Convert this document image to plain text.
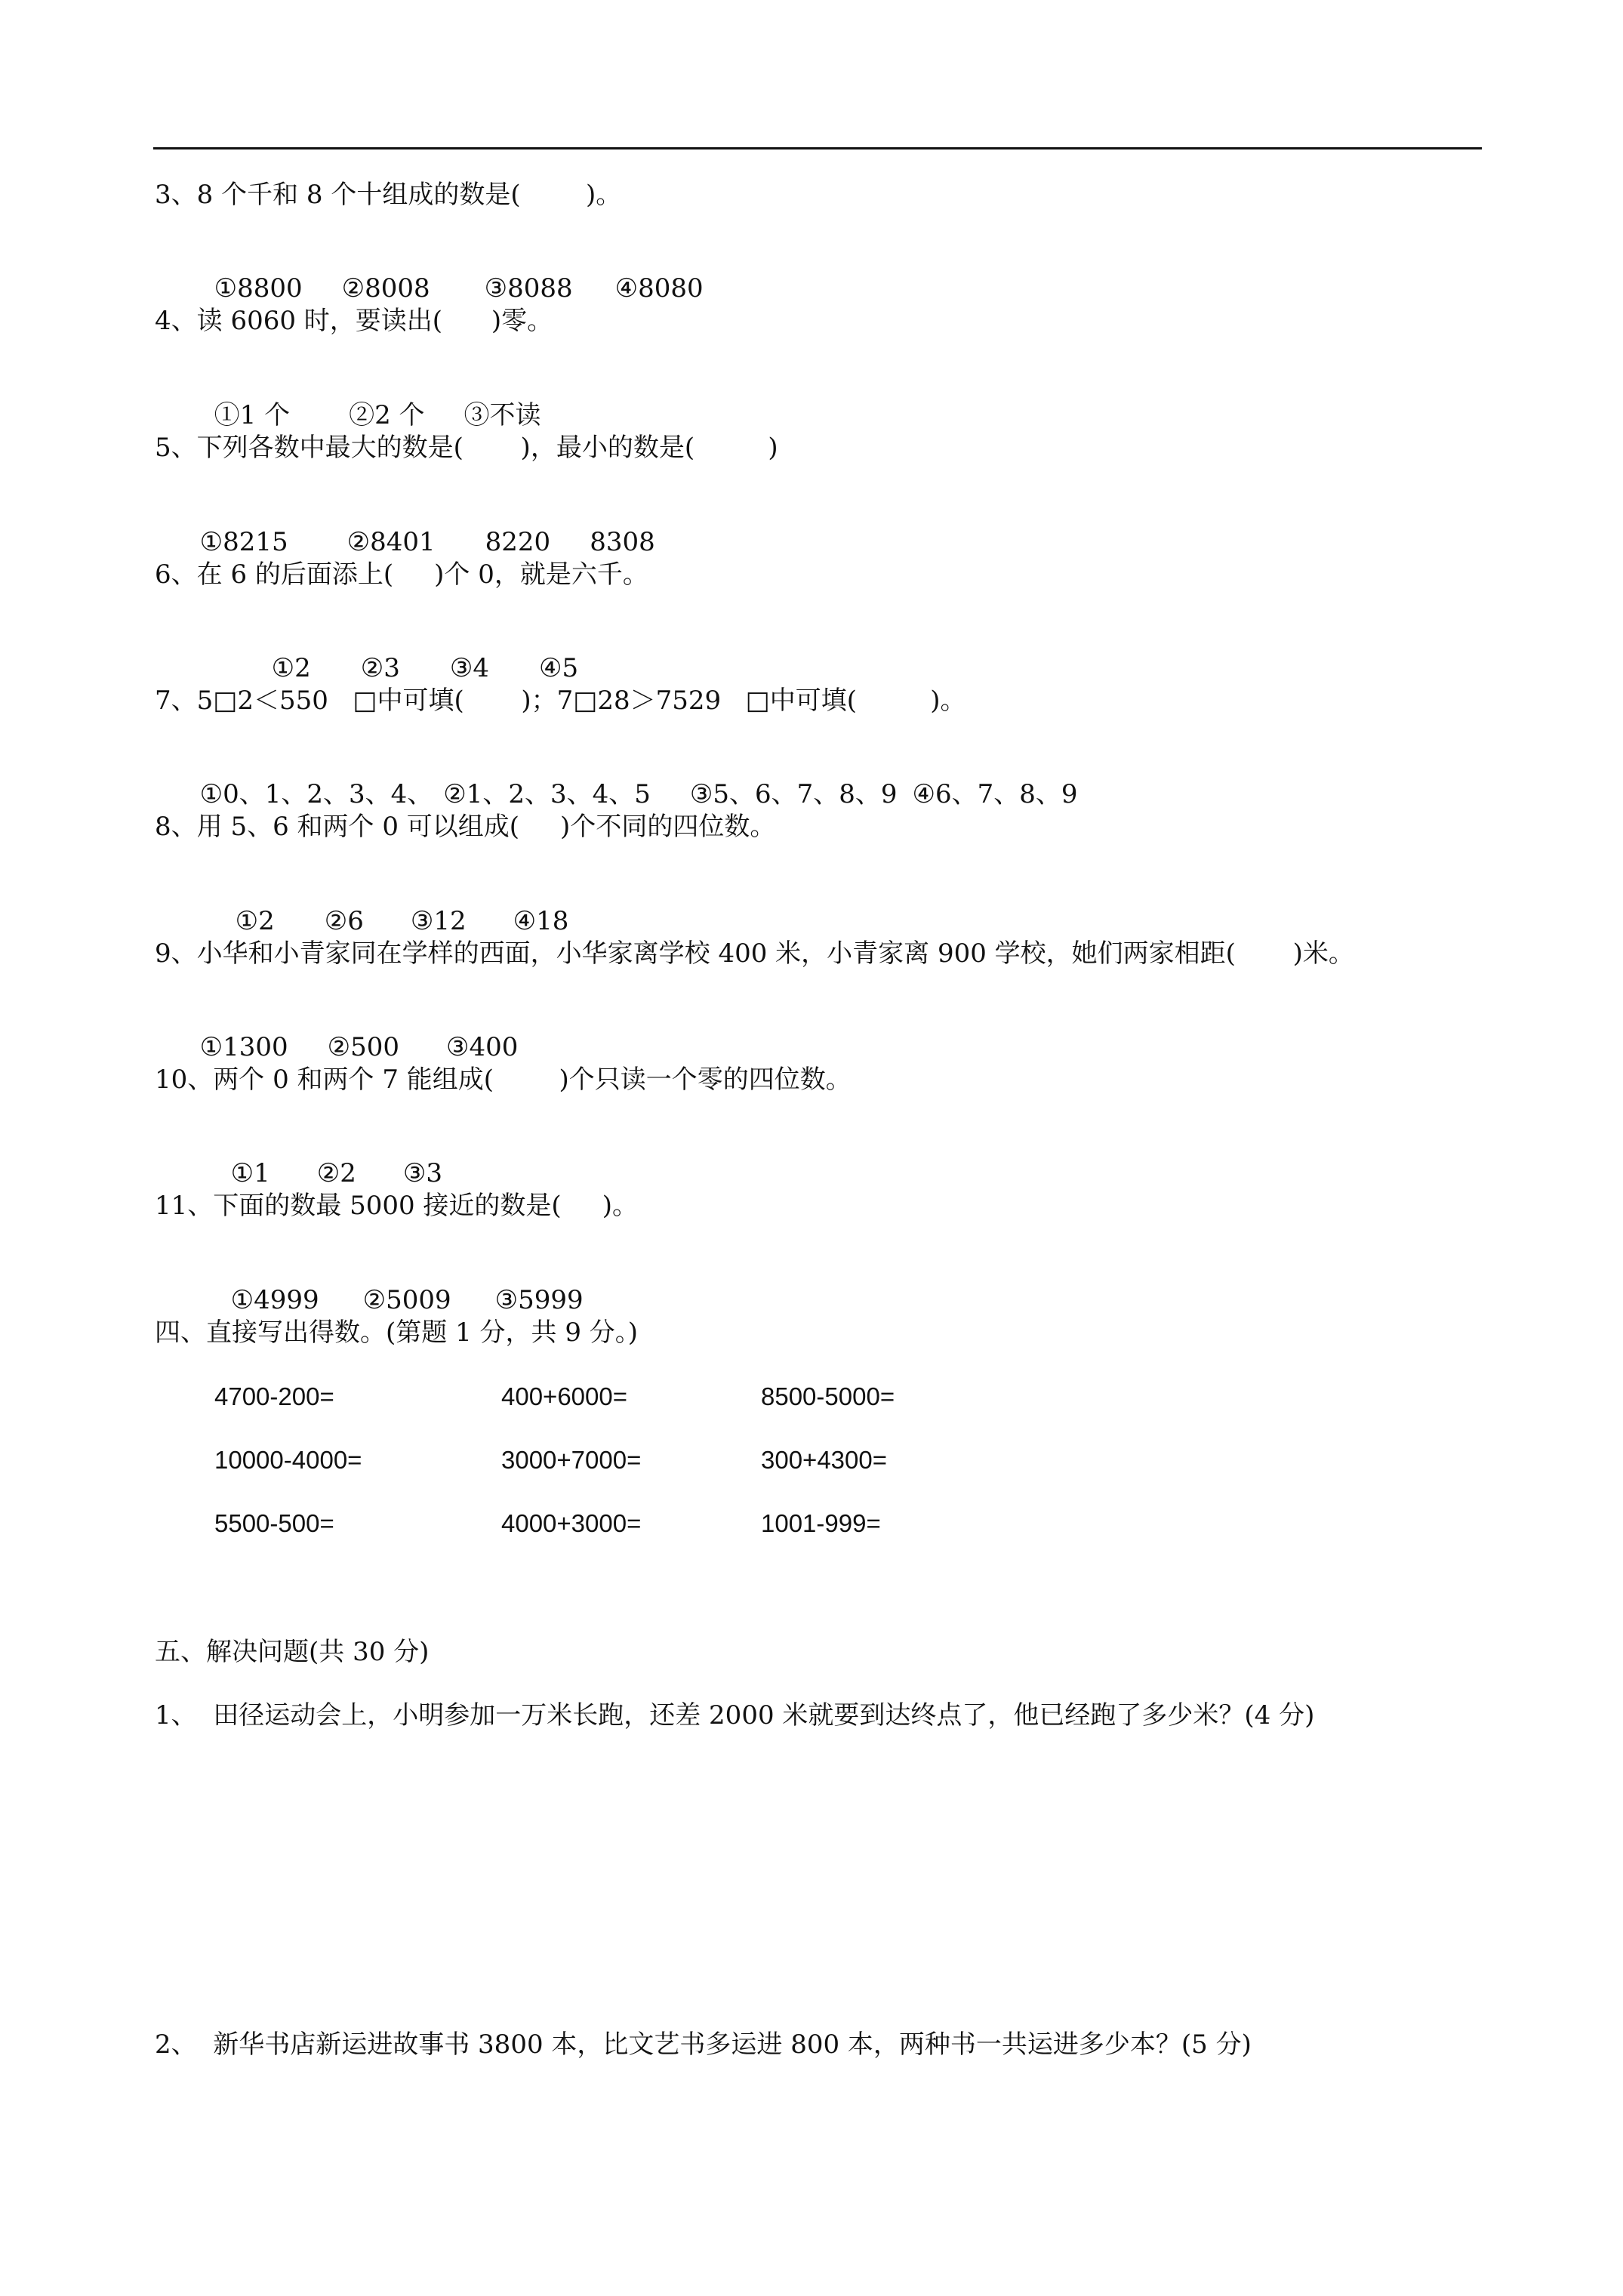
3、8 个千和 8 个十组成的数是(        )。

①8800 ②8008 ③8088 ④8080

4、读 6060 时，要读出(      )零。

①1 个 ②2 个 ③不读

5、下列各数中最大的数是(       )，最小的数是(         )

①8215 ②8401 8220 8308

6、在 6 的后面添上(     )个 0，就是六千。

①2 ②3 ③4 ④5

7、5□2＜550   □中可填(       )；7□28＞7529   □中可填(         )。

①0、1、2、3、4、 ②1、2、3、4、5 ③5、6、7、8、9 ④6、7、8、9

8、用 5、6 和两个 0 可以组成(     )个不同的四位数。

①2 ②6 ③12 ④18

9、小华和小青家同在学样的西面，小华家离学校 400 米，小青家离 900 学校，她们两家相距(       )米。

①1300 ②500 ③400

10、两个 0 和两个 7 能组成(        )个只读一个零的四位数。

①1 ②2 ③3

11、下面的数最 5000 接近的数是(     )。

①4999 ②5009 ③5999

四、直接写出得数。(第题 1 分，共 9 分。)
4700-200=	400+6000=	8500-5000=
10000-4000=	3000+7000=	300+4300=
5500-500=	4000+3000=	1001-999=
五、解决问题(共 30 分)
1、  田径运动会上，小明参加一万米长跑，还差 2000 米就要到达终点了，他已经跑了多少米？(4 分)
2、  新华书店新运进故事书 3800 本，比文艺书多运进 800 本，两种书一共运进多少本？(5 分)
